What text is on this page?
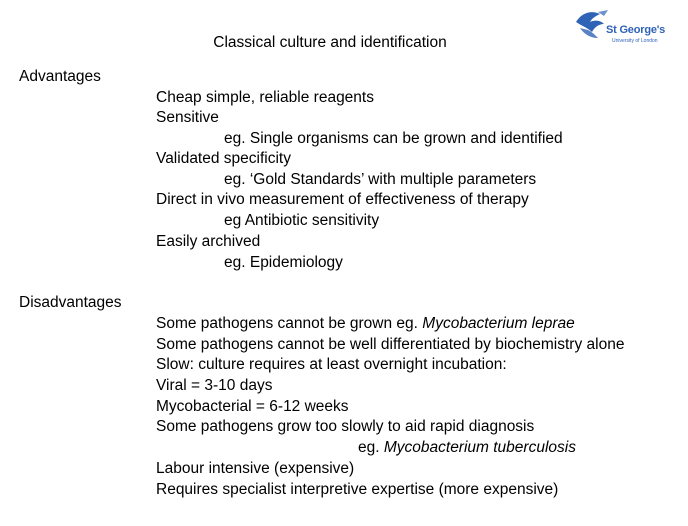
St George's
University of London
Classical culture and identification
Advantages
Cheap simple, reliable reagents
Sensitive
eg. Single organisms can be grown and identified
Validated specificity
eg. ‘Gold Standards’ with multiple parameters
Direct in vivo measurement of effectiveness of therapy
eg Antibiotic sensitivity
Easily archived
eg. Epidemiology
Disadvantages
Some pathogens cannot be grown eg. Mycobacterium leprae
Some pathogens cannot be well differentiated by biochemistry alone
Slow: culture requires at least overnight incubation:
Viral = 3-10 days
Mycobacterial = 6-12 weeks
Some pathogens grow too slowly to aid rapid diagnosis
eg. Mycobacterium tuberculosis
Labour intensive (expensive)
Requires specialist interpretive expertise (more expensive)
